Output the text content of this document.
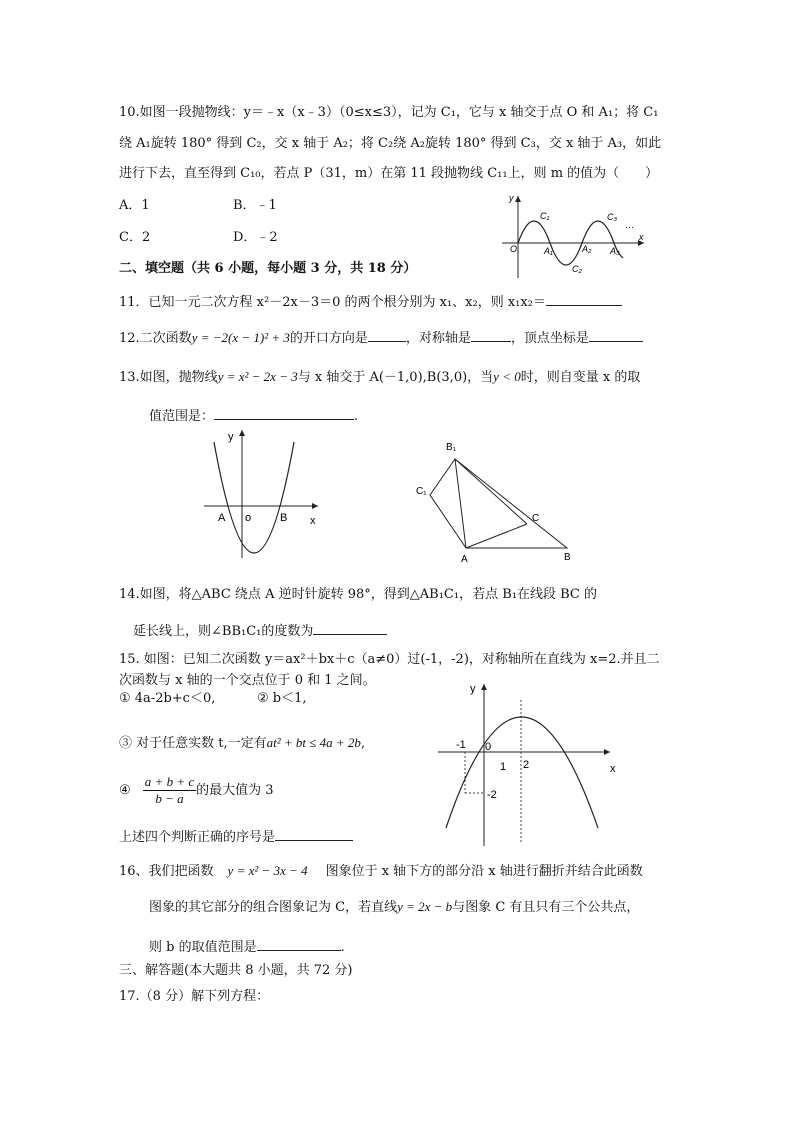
10.如图一段抛物线：y＝﹣x（x﹣3）（0≤x≤3），记为 C₁，它与 x 轴交于点 O 和 A₁；将 C₁
绕 A₁旋转 180° 得到 C₂，交 x 轴于 A₂；将 C₂绕 A₂旋转 180° 得到 C₃，交 x 轴于 A₃，如此
进行下去，直至得到 C₁₀，若点 P（31，m）在第 11 段抛物线 C₁₁上，则 m 的值为（　　）
A．1	B．﹣1
C．2	D．﹣2
y
x
O
C₁
C₂
C₃
A₁	A₂ A₃
…
二、填空题（共 6 小题，每小题 3 分，共 18 分）
11．已知一元二次方程 x²－2x－3＝0 的两个根分别为 x₁、x₂，则 x₁x₂＝
12.二次函数y = −2(x − 1)² + 3的开口方向是	，对称轴是	，顶点坐标是
13.如图，抛物线y = x² − 2x − 3与 x 轴交于 A(－1,0),B(3,0)，当y < 0时，则自变量 x 的取
值范围是：	.
y
x
A o	B
B₁
C₁
C
A	B
14.如图，将△ABC 绕点 A 逆时针旋转 98°，得到△AB₁C₁，若点 B₁在线段 BC 的
延长线上，则∠BB₁C₁的度数为
15. 如图：已知二次函数 y＝ax²＋bx＋c（a≠0）过(-1，-2)，对称轴所在直线为 x=2.并且二
次函数与 x 轴的一个交点位于 0 和 1 之间。
① 4a-2b+c＜0,	② b＜1,
③ 对于任意实数 t,一定有at² + bt ≤ 4a + 2b,
④ $\frac{a + b + c}{b - a}$ 的最大值为 3
上述四个判断正确的序号是
y
x
-1 0
1 2
-2
16、我们把函数 y = x² − 3x − 4 图象位于 x 轴下方的部分沿 x 轴进行翻折并结合此函数
图象的其它部分的组合图象记为 C，若直线y = 2x − b与图象 C 有且只有三个公共点，
则 b 的取值范围是	.
三、解答题(本大题共 8 小题，共 72 分)
17.（8 分）解下列方程：
